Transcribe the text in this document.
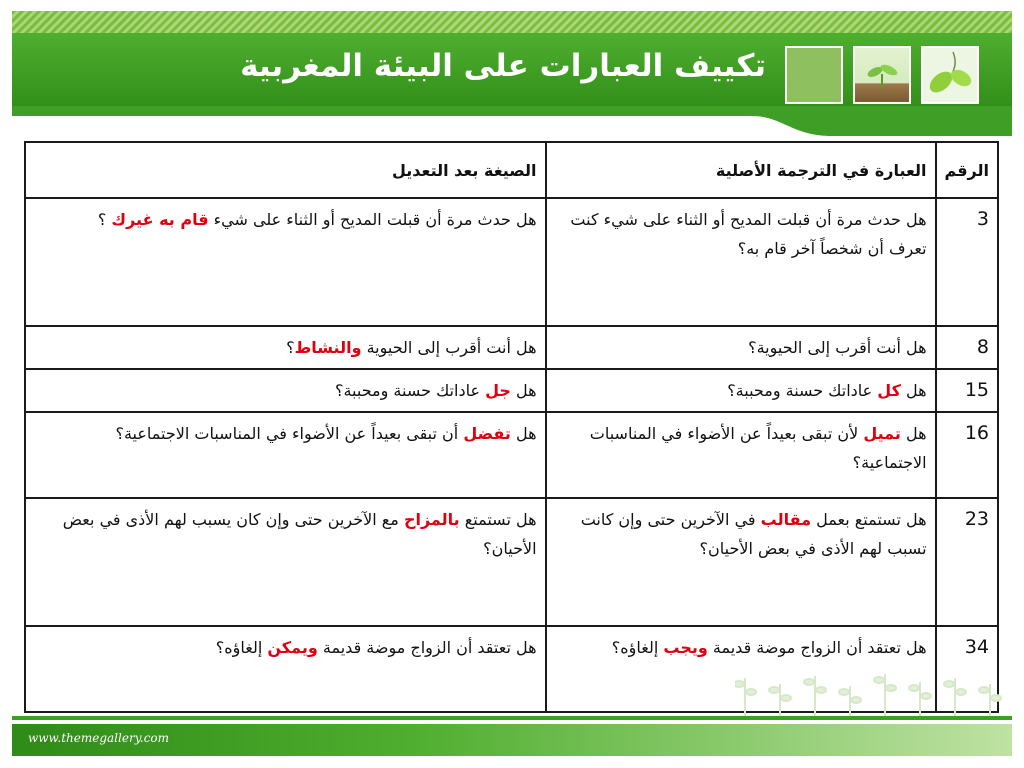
تكييف العبارات على البيئة المغربية
الرقم	العبارة في الترجمة الأصلية	الصيغة بعد التعديل
3	هل حدث مرة أن قبلت المديح أو الثناء على شيء كنت تعرف أن شخصاً آخر قام به؟	هل حدث مرة أن قبلت المديح أو الثناء على شيء قام به غيرك ؟
8	هل أنت أقرب إلى الحيوية؟	هل أنت أقرب إلى الحيوية والنشاط؟
15	هل كل عاداتك حسنة ومحببة؟	هل جل عاداتك حسنة ومحببة؟
16	هل تميل لأن تبقى بعيداً عن الأضواء في المناسبات الاجتماعية؟	هل تفضل أن تبقى بعيداً عن الأضواء في المناسبات الاجتماعية؟
23	هل تستمتع بعمل مقالب في الآخرين حتى وإن كانت تسبب لهم الأذى في بعض الأحيان؟	هل تستمتع بالمزاح مع الآخرين حتى وإن كان يسبب لهم الأذى في بعض الأحيان؟
34	هل تعتقد أن الزواج موضة قديمة ويجب إلغاؤه؟	هل تعتقد أن الزواج موضة قديمة ويمكن إلغاؤه؟
www.themegallery.com
